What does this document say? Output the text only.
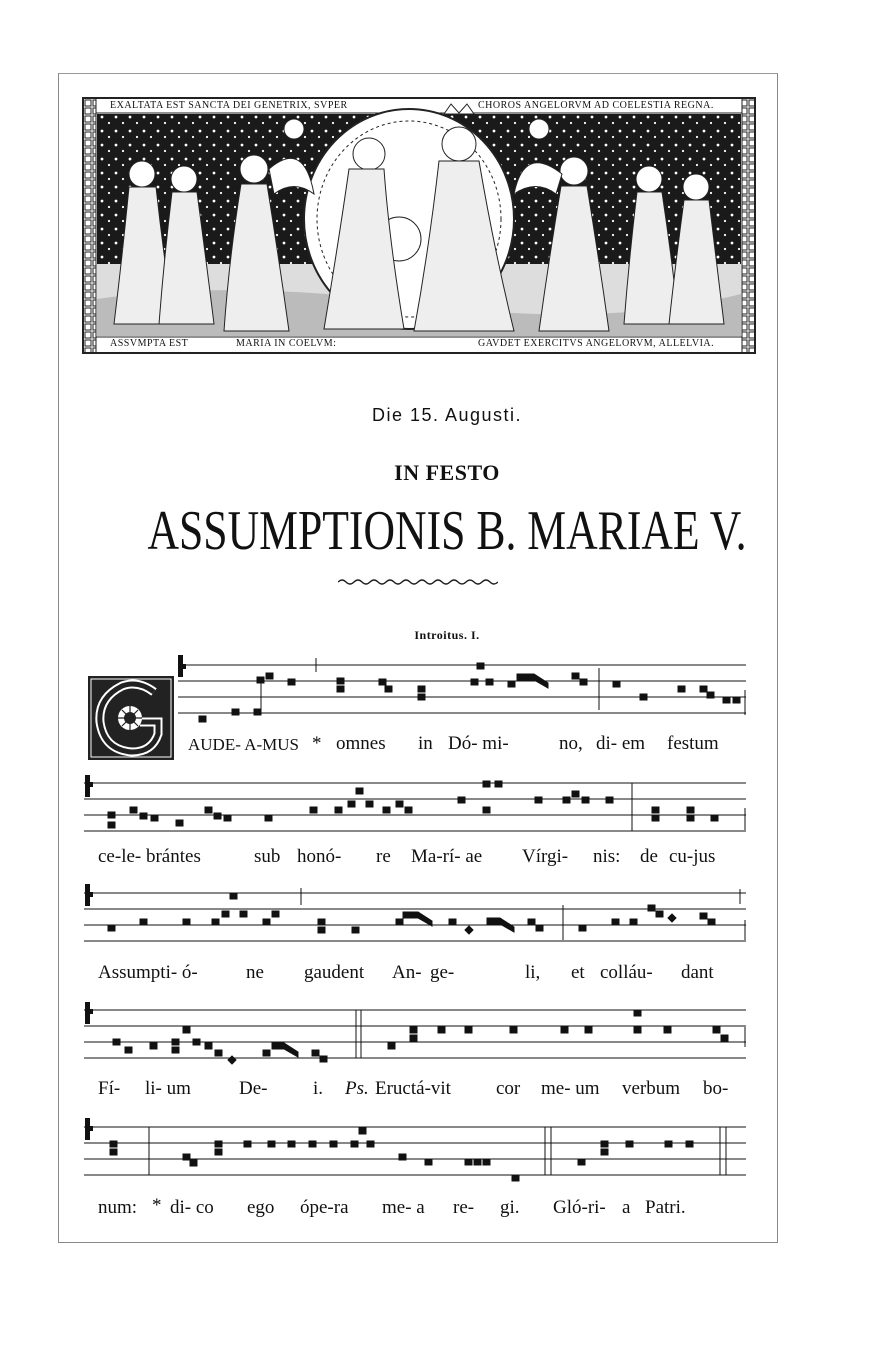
EXALTATA EST SANCTA DEI GENETRIX, SVPER	CHOROS ANGELORVM AD COELESTIA REGNA.
ASSVMPTA EST	MARIA IN COELVM:	GAVDET EXERCITVS ANGELORVM, ALLELVIA.
Die 15. Augusti.
IN FESTO
ASSUMPTIONIS B. MARIAE V.
Introitus. I.
AUDE- A-MUS * omnes in Dó- mi-	no, di- em festum
ce-le- brántes	sub honó- re Ma-rí- ae Vírgi- nis: de cu-jus
Assumpti- ó-	ne gaudent An- ge-	li, et colláu- dant
Fí- li- um	De- i. Ps. Eructá-vit cor me- um verbum bo-
num: * di- co ego ópe-ra me- a re- gi. Gló-ri- a Patri.
